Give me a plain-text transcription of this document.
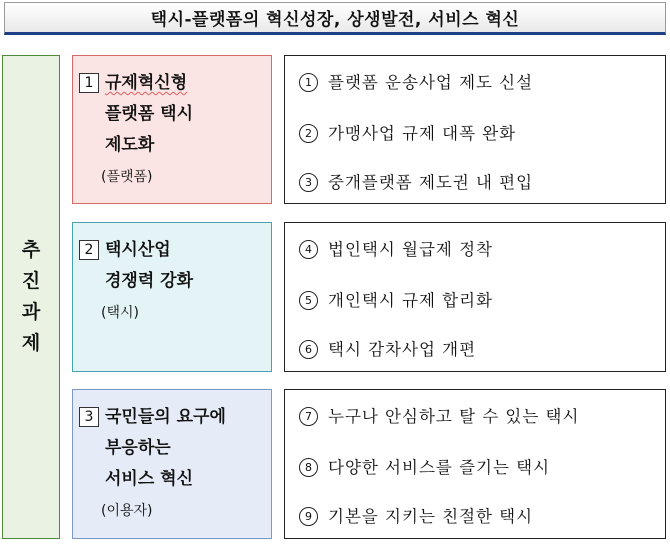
택시-플랫폼의 혁신성장, 상생발전, 서비스 혁신
추
진
과
제
1 규제혁신형
플랫폼 택시
제도화
(플랫폼)
2 택시산업
경쟁력 강화
(택시)
3 국민들의 요구에
부응하는
서비스 혁신
(이용자)
1 플랫폼 운송사업 제도 신설
2 가맹사업 규제 대폭 완화
3 중개플랫폼 제도권 내 편입
4 법인택시 월급제 정착
5 개인택시 규제 합리화
6 택시 감차사업 개편
7 누구나 안심하고 탈 수 있는 택시
8 다양한 서비스를 즐기는 택시
9 기본을 지키는 친절한 택시
